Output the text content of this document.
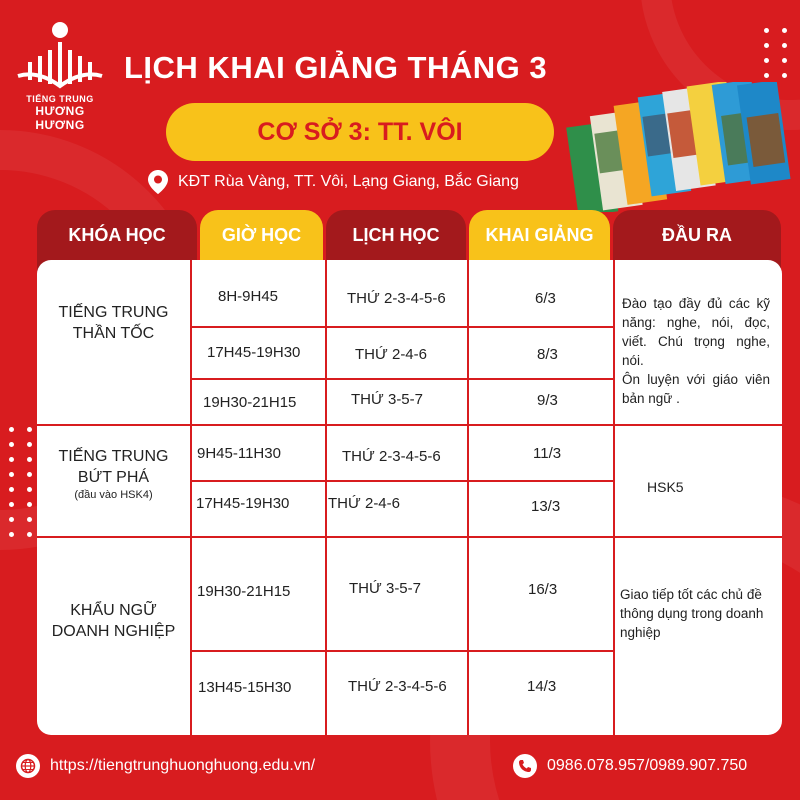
TIẾNG TRUNG
HƯƠNG HƯƠNG
LỊCH KHAI GIẢNG THÁNG 3
CƠ SỞ 3: TT. VÔI
KĐT Rùa Vàng, TT. Vôi, Lạng Giang, Bắc Giang
KHÓA HỌC	GIỜ HỌC	LỊCH HỌC	KHAI GIẢNG	ĐẦU RA
TIẾNG TRUNG
THẦN TỐC
8H-9H45	THỨ 2-3-4-5-6	6/3
17H45-19H30	THỨ 2-4-6	8/3
19H30-21H15	THỨ 3-5-7	9/3
Đào tạo đầy đủ các kỹ năng: nghe, nói, đọc, viết. Chú trọng nghe, nói.
Ôn luyện với giáo viên bản ngữ .
TIẾNG TRUNG
BỨT PHÁ
(đầu vào HSK4)
9H45-11H30	THỨ 2-3-4-5-6	11/3
17H45-19H30	THỨ 2-4-6	13/3
HSK5
KHẨU NGỮ
DOANH NGHIỆP
19H30-21H15	THỨ 3-5-7	16/3
13H45-15H30	THỨ 2-3-4-5-6	14/3
Giao tiếp tốt các chủ đề thông dụng trong doanh nghiệp
https://tiengtrunghuonghuong.edu.vn/	0986.078.957/0989.907.750
